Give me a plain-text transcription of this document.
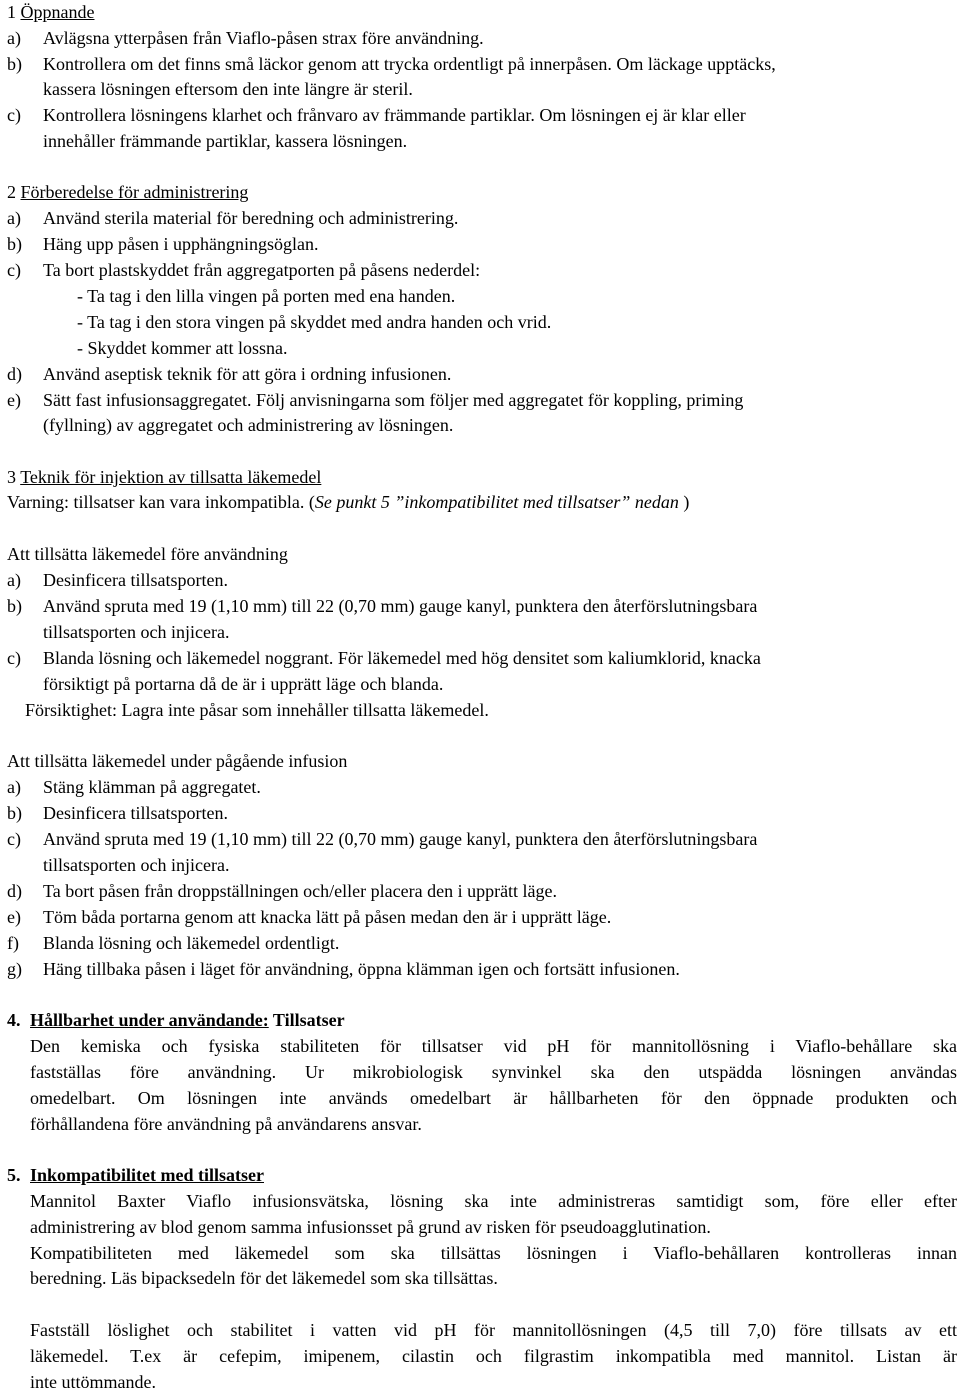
1 Öppnande
a) Avlägsna ytterpåsen från Viaflo-påsen strax före användning.
b) Kontrollera om det finns små läckor genom att trycka ordentligt på innerpåsen. Om läckage upptäcks,
kassera lösningen eftersom den inte längre är steril.
c) Kontrollera lösningens klarhet och frånvaro av främmande partiklar. Om lösningen ej är klar eller
innehåller främmande partiklar, kassera lösningen.
2 Förberedelse för administrering
a) Använd sterila material för beredning och administrering.
b) Häng upp påsen i upphängningsöglan.
c) Ta bort plastskyddet från aggregatporten på påsens nederdel:
- Ta tag i den lilla vingen på porten med ena handen.
- Ta tag i den stora vingen på skyddet med andra handen och vrid.
- Skyddet kommer att lossna.
d) Använd aseptisk teknik för att göra i ordning infusionen.
e) Sätt fast infusionsaggregatet. Följ anvisningarna som följer med aggregatet för koppling, priming
(fyllning) av aggregatet och administrering av lösningen.
3 Teknik för injektion av tillsatta läkemedel
Varning: tillsatser kan vara inkompatibla. (Se punkt 5 ”inkompatibilitet med tillsatser” nedan )
Att tillsätta läkemedel före användning
a) Desinficera tillsatsporten.
b) Använd spruta med 19 (1,10 mm) till 22 (0,70 mm) gauge kanyl, punktera den återförslutningsbara
tillsatsporten och injicera.
c) Blanda lösning och läkemedel noggrant. För läkemedel med hög densitet som kaliumklorid, knacka
försiktigt på portarna då de är i upprätt läge och blanda.
Försiktighet: Lagra inte påsar som innehåller tillsatta läkemedel.
Att tillsätta läkemedel under pågående infusion
a) Stäng klämman på aggregatet.
b) Desinficera tillsatsporten.
c) Använd spruta med 19 (1,10 mm) till 22 (0,70 mm) gauge kanyl, punktera den återförslutningsbara
tillsatsporten och injicera.
d) Ta bort påsen från droppställningen och/eller placera den i upprätt läge.
e) Töm båda portarna genom att knacka lätt på påsen medan den är i upprätt läge.
f) Blanda lösning och läkemedel ordentligt.
g) Häng tillbaka påsen i läget för användning, öppna klämman igen och fortsätt infusionen.
4. Hållbarhet under användande: Tillsatser
Den kemiska och fysiska stabiliteten för tillsatser vid pH för mannitollösning i Viaflo-behållare ska
fastställas före användning. Ur mikrobiologisk synvinkel ska den utspädda lösningen användas
omedelbart. Om lösningen inte används omedelbart är hållbarheten för den öppnade produkten och
förhållandena före användning på användarens ansvar.
5. Inkompatibilitet med tillsatser
Mannitol Baxter Viaflo infusionsvätska, lösning ska inte administreras samtidigt som, före eller efter
administrering av blod genom samma infusionsset på grund av risken för pseudoagglutination.
Kompatibiliteten med läkemedel som ska tillsättas lösningen i Viaflo-behållaren kontrolleras innan
beredning. Läs bipacksedeln för det läkemedel som ska tillsättas.
Fastställ löslighet och stabilitet i vatten vid pH för mannitollösningen (4,5 till 7,0) före tillsats av ett
läkemedel. T.ex är cefepim, imipenem, cilastin och filgrastim inkompatibla med mannitol. Listan är
inte uttömmande.
